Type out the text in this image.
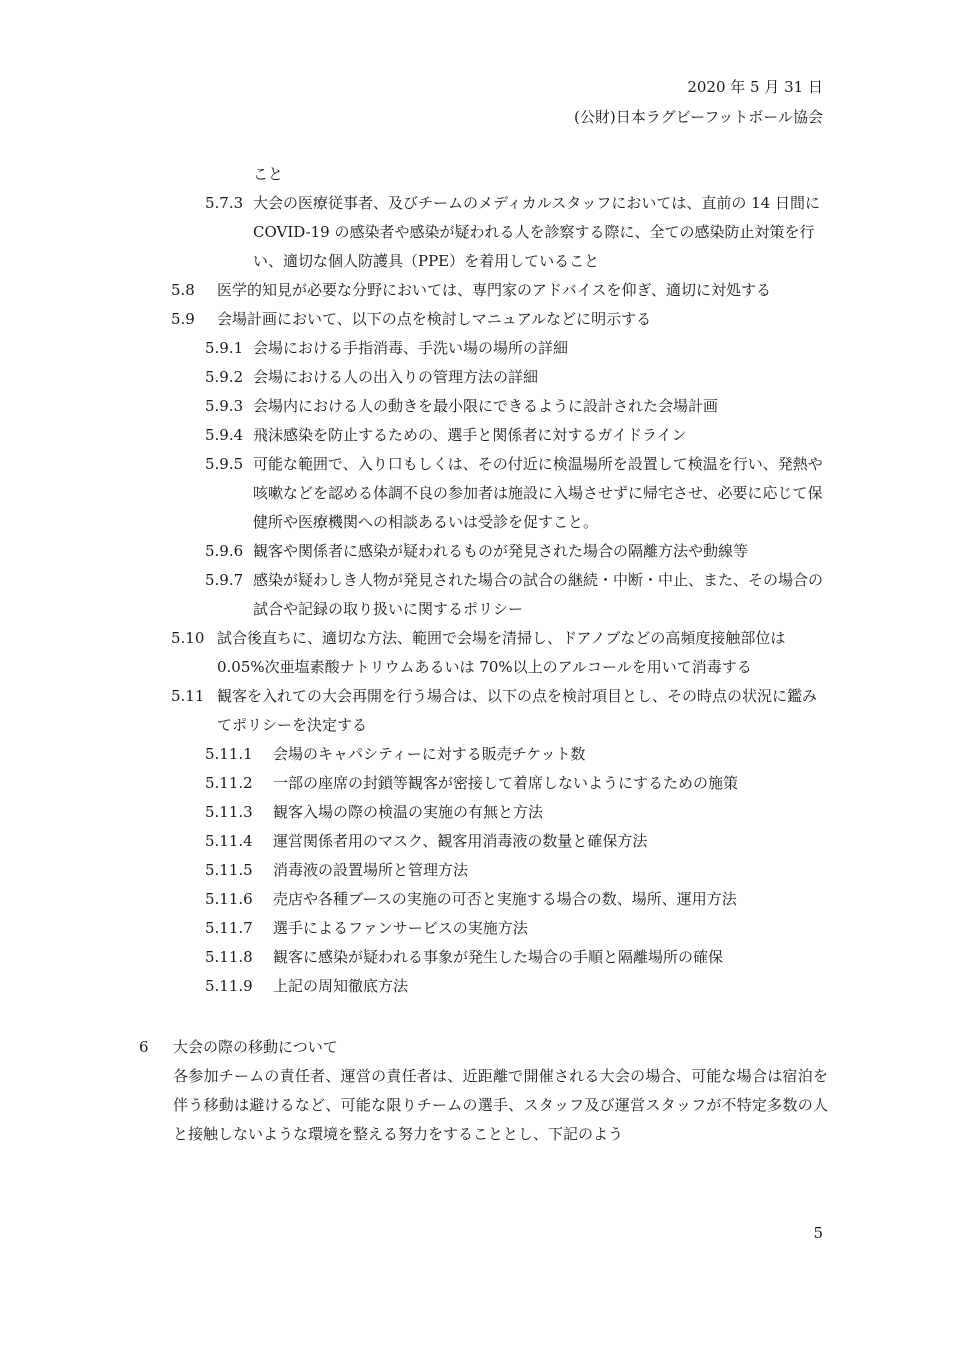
2020 年 5 月 31 日
(公財)日本ラグビーフットボール協会
こと
5.7.3 大会の医療従事者、及びチームのメディカルスタッフにおいては、直前の 14 日間に COVID-19 の感染者や感染が疑われる人を診察する際に、全ての感染防止対策を行い、適切な個人防護具（PPE）を着用していること
5.8 医学的知見が必要な分野においては、専門家のアドバイスを仰ぎ、適切に対処する
5.9 会場計画において、以下の点を検討しマニュアルなどに明示する
5.9.1 会場における手指消毒、手洗い場の場所の詳細
5.9.2 会場における人の出入りの管理方法の詳細
5.9.3 会場内における人の動きを最小限にできるように設計された会場計画
5.9.4 飛沫感染を防止するための、選手と関係者に対するガイドライン
5.9.5 可能な範囲で、入り口もしくは、その付近に検温場所を設置して検温を行い、発熱や咳嗽などを認める体調不良の参加者は施設に入場させずに帰宅させ、必要に応じて保健所や医療機関への相談あるいは受診を促すこと。
5.9.6 観客や関係者に感染が疑われるものが発見された場合の隔離方法や動線等
5.9.7 感染が疑わしき人物が発見された場合の試合の継続・中断・中止、また、その場合の試合や記録の取り扱いに関するポリシー
5.10 試合後直ちに、適切な方法、範囲で会場を清掃し、ドアノブなどの高頻度接触部位は 0.05%次亜塩素酸ナトリウムあるいは 70%以上のアルコールを用いて消毒する
5.11 観客を入れての大会再開を行う場合は、以下の点を検討項目とし、その時点の状況に鑑みてポリシーを決定する
5.11.1 会場のキャパシティーに対する販売チケット数
5.11.2 一部の座席の封鎖等観客が密接して着席しないようにするための施策
5.11.3 観客入場の際の検温の実施の有無と方法
5.11.4 運営関係者用のマスク、観客用消毒液の数量と確保方法
5.11.5 消毒液の設置場所と管理方法
5.11.6 売店や各種ブースの実施の可否と実施する場合の数、場所、運用方法
5.11.7 選手によるファンサービスの実施方法
5.11.8 観客に感染が疑われる事象が発生した場合の手順と隔離場所の確保
5.11.9 上記の周知徹底方法
6 大会の際の移動について
各参加チームの責任者、運営の責任者は、近距離で開催される大会の場合、可能な場合は宿泊を伴う移動は避けるなど、可能な限りチームの選手、スタッフ及び運営スタッフが不特定多数の人と接触しないような環境を整える努力をすることとし、下記のよう
5
